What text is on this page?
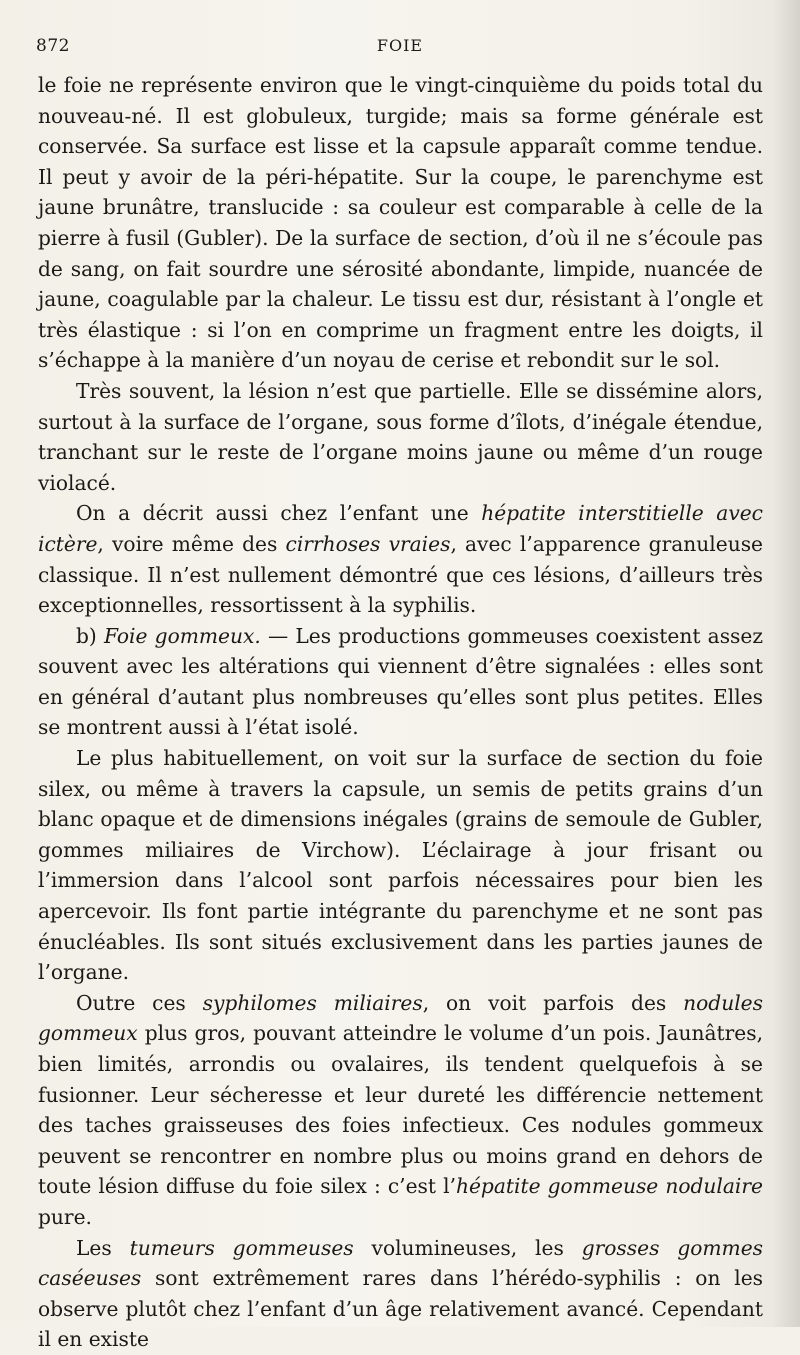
872	FOIE

le foie ne représente environ que le vingt-cinquième du poids total du nouveau-né. Il est globuleux, turgide; mais sa forme générale est conservée. Sa surface est lisse et la capsule apparaît comme tendue. Il peut y avoir de la péri-hépatite. Sur la coupe, le parenchyme est jaune brunâtre, translucide : sa couleur est comparable à celle de la pierre à fusil (Gubler). De la surface de section, d’où il ne s’écoule pas de sang, on fait sourdre une sérosité abondante, limpide, nuancée de jaune, coagulable par la chaleur. Le tissu est dur, résistant à l’ongle et très élastique : si l’on en comprime un fragment entre les doigts, il s’échappe à la manière d’un noyau de cerise et rebondit sur le sol.

Très souvent, la lésion n’est que partielle. Elle se dissémine alors, surtout à la surface de l’organe, sous forme d’îlots, d’inégale étendue, tranchant sur le reste de l’organe moins jaune ou même d’un rouge violacé.

On a décrit aussi chez l’enfant une hépatite interstitielle avec ictère, voire même des cirrhoses vraies, avec l’apparence granuleuse classique. Il n’est nullement démontré que ces lésions, d’ailleurs très exceptionnelles, ressortissent à la syphilis.

b) Foie gommeux. — Les productions gommeuses coexistent assez souvent avec les altérations qui viennent d’être signalées : elles sont en général d’autant plus nombreuses qu’elles sont plus petites. Elles se montrent aussi à l’état isolé.

Le plus habituellement, on voit sur la surface de section du foie silex, ou même à travers la capsule, un semis de petits grains d’un blanc opaque et de dimensions inégales (grains de semoule de Gubler, gommes miliaires de Virchow). L’éclairage à jour frisant ou l’immersion dans l’alcool sont parfois nécessaires pour bien les apercevoir. Ils font partie intégrante du parenchyme et ne sont pas énucléables. Ils sont situés exclusivement dans les parties jaunes de l’organe.

Outre ces syphilomes miliaires, on voit parfois des nodules gommeux plus gros, pouvant atteindre le volume d’un pois. Jaunâtres, bien limités, arrondis ou ovalaires, ils tendent quelquefois à se fusionner. Leur sécheresse et leur dureté les différencie nettement des taches graisseuses des foies infectieux. Ces nodules gommeux peuvent se rencontrer en nombre plus ou moins grand en dehors de toute lésion diffuse du foie silex : c’est l’hépatite gommeuse nodulaire pure.

Les tumeurs gommeuses volumineuses, les grosses gommes caséeuses sont extrêmement rares dans l’hérédo-syphilis : on les observe plutôt chez l’enfant d’un âge relativement avancé. Cependant il en existe
